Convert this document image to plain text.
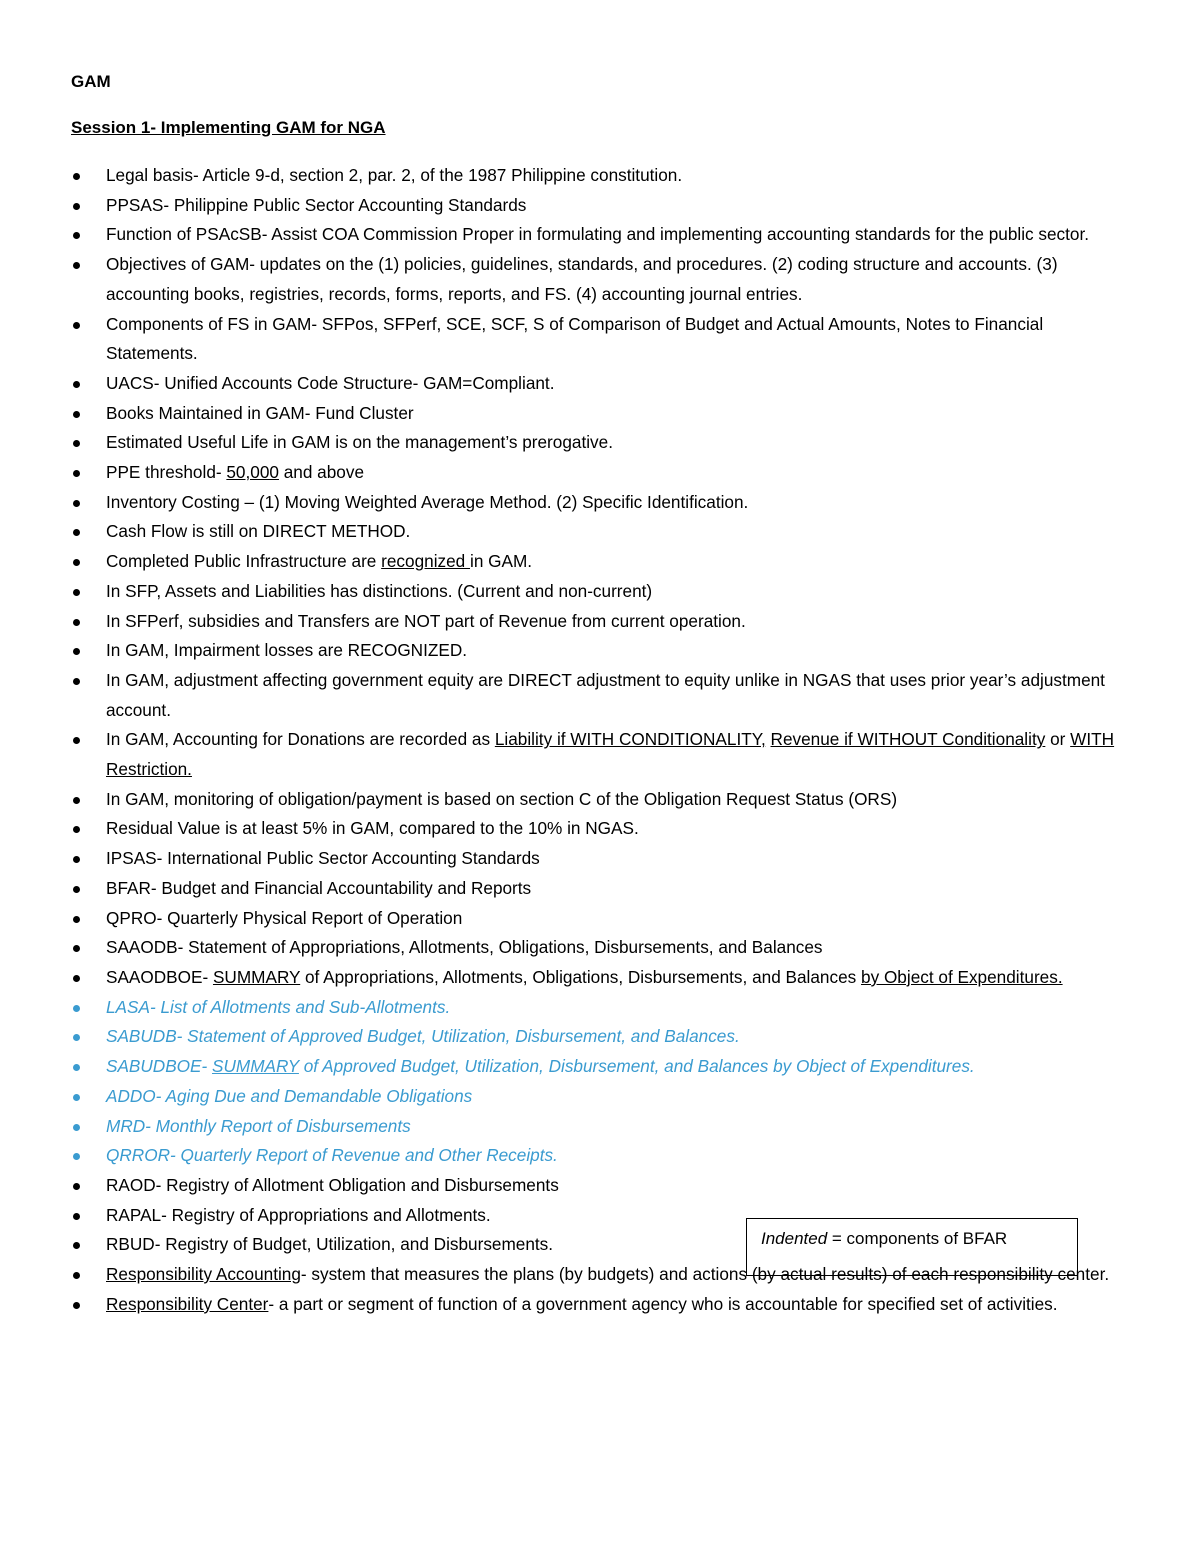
GAM
Session 1- Implementing GAM for NGA
Legal basis- Article 9-d, section 2, par. 2, of the 1987 Philippine constitution.
PPSAS- Philippine Public Sector Accounting Standards
Function of PSAcSB- Assist COA Commission Proper in formulating and implementing accounting standards for the public sector.
Objectives of GAM- updates on the (1) policies, guidelines, standards, and procedures. (2) coding structure and accounts. (3) accounting books, registries, records, forms, reports, and FS. (4) accounting journal entries.
Components of FS in GAM- SFPos, SFPerf, SCE, SCF, S of Comparison of Budget and Actual Amounts, Notes to Financial Statements.
UACS- Unified Accounts Code Structure- GAM=Compliant.
Books Maintained in GAM- Fund Cluster
Estimated Useful Life in GAM is on the management’s prerogative.
PPE threshold- 50,000 and above
Inventory Costing – (1) Moving Weighted Average Method. (2) Specific Identification.
Cash Flow is still on DIRECT METHOD.
Completed Public Infrastructure are recognized in GAM.
In SFP, Assets and Liabilities has distinctions. (Current and non-current)
In SFPerf, subsidies and Transfers are NOT part of Revenue from current operation.
In GAM, Impairment losses are RECOGNIZED.
In GAM, adjustment affecting government equity are DIRECT adjustment to equity unlike in NGAS that uses prior year’s adjustment account.
In GAM, Accounting for Donations are recorded as Liability if WITH CONDITIONALITY, Revenue if WITHOUT Conditionality or WITH Restriction.
In GAM, monitoring of obligation/payment is based on section C of the Obligation Request Status (ORS)
Residual Value is at least 5% in GAM, compared to the 10% in NGAS.
IPSAS- International Public Sector Accounting Standards
BFAR- Budget and Financial Accountability and Reports
QPRO- Quarterly Physical Report of Operation
SAAODB- Statement of Appropriations, Allotments, Obligations, Disbursements, and Balances
SAAODBOE- SUMMARY of Appropriations, Allotments, Obligations, Disbursements, and Balances by Object of Expenditures.
LASA- List of Allotments and Sub-Allotments.
SABUDB- Statement of Approved Budget, Utilization, Disbursement, and Balances.
SABUDBOE- SUMMARY of Approved Budget, Utilization, Disbursement, and Balances by Object of Expenditures.
ADDO- Aging Due and Demandable Obligations
MRD- Monthly Report of Disbursements
QRROR- Quarterly Report of Revenue and Other Receipts.
RAOD- Registry of Allotment Obligation and Disbursements
RAPAL- Registry of Appropriations and Allotments.
RBUD- Registry of Budget, Utilization, and Disbursements.
Responsibility Accounting- system that measures the plans (by budgets) and actions (by actual results) of each responsibility center.
Responsibility Center- a part or segment of function of a government agency who is accountable for specified set of activities.
Indented = components of BFAR
